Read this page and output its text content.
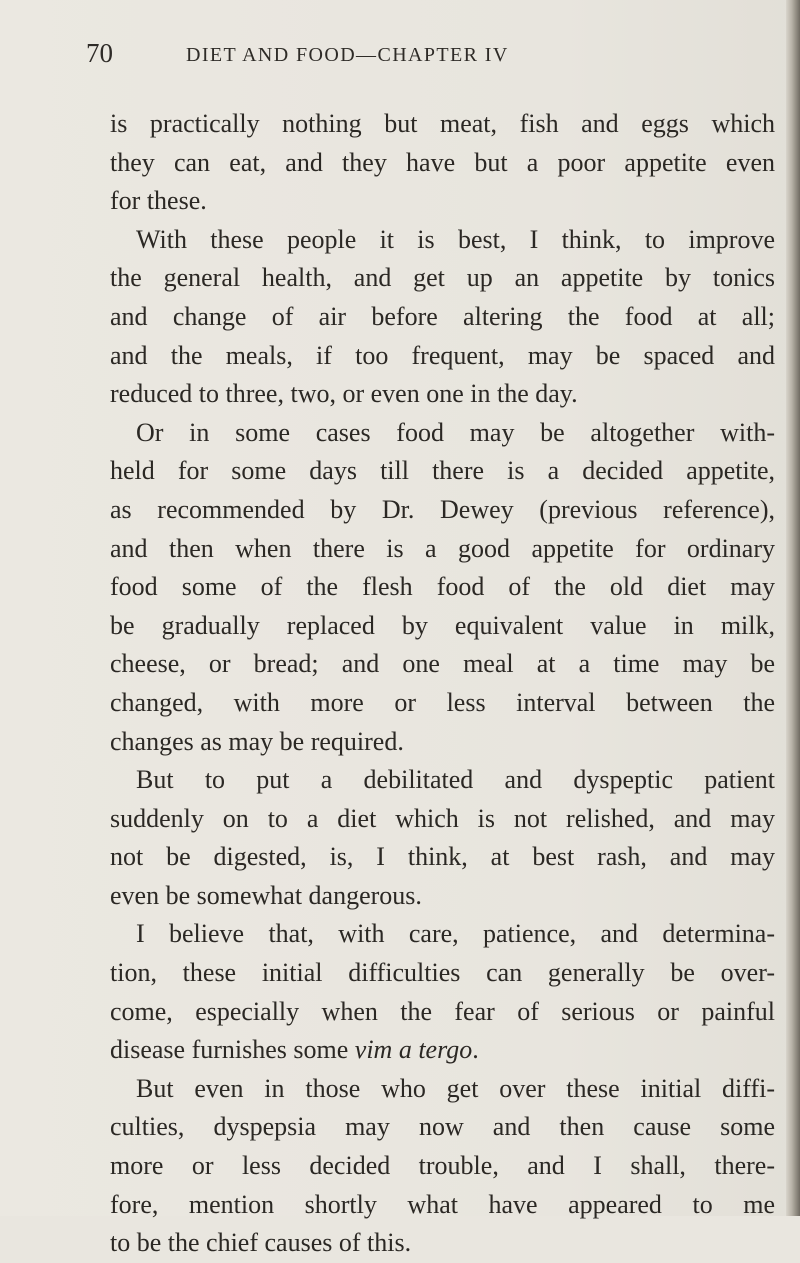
70	DIET AND FOOD—CHAPTER IV

is practically nothing but meat, fish and eggs which
they can eat, and they have but a poor appetite even
for these.

With these people it is best, I think, to improve
the general health, and get up an appetite by tonics
and change of air before altering the food at all;
and the meals, if too frequent, may be spaced and
reduced to three, two, or even one in the day.

Or in some cases food may be altogether with-
held for some days till there is a decided appetite,
as recommended by Dr. Dewey (previous reference),
and then when there is a good appetite for ordinary
food some of the flesh food of the old diet may
be gradually replaced by equivalent value in milk,
cheese, or bread; and one meal at a time may be
changed, with more or less interval between the
changes as may be required.

But to put a debilitated and dyspeptic patient
suddenly on to a diet which is not relished, and may
not be digested, is, I think, at best rash, and may
even be somewhat dangerous.

I believe that, with care, patience, and determina-
tion, these initial difficulties can generally be over-
come, especially when the fear of serious or painful
disease furnishes some vim a tergo.

But even in those who get over these initial diffi-
culties, dyspepsia may now and then cause some
more or less decided trouble, and I shall, there-
fore, mention shortly what have appeared to me
to be the chief causes of this.
